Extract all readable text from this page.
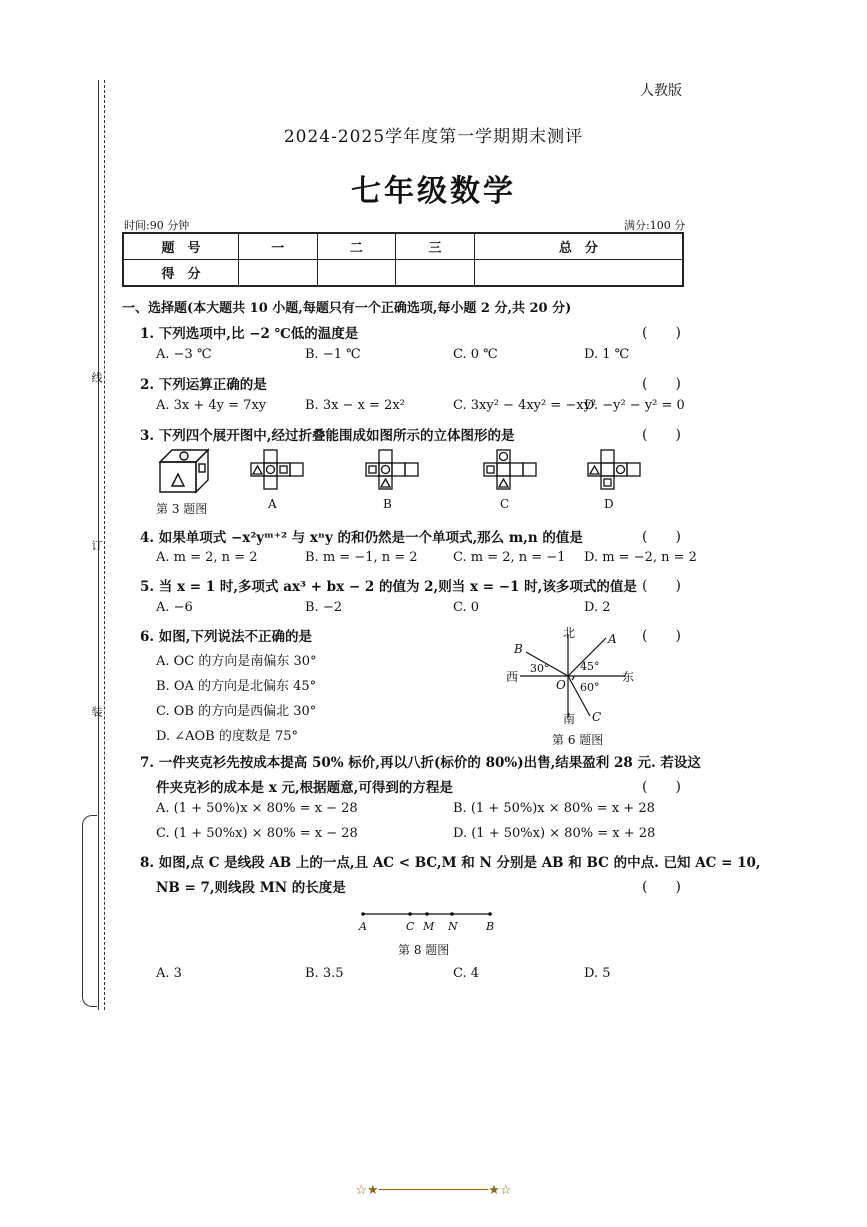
线
订
装
人教版
2024-2025学年度第一学期期末测评
七年级数学
时间:90 分钟	满分:100 分
题　号	一	二	三	总　分
得　分				
一、选择题(本大题共 10 小题,每题只有一个正确选项,每小题 2 分,共 20 分)
1. 下列选项中,比 −2 ℃低的温度是	(　　)
A. −3 ℃	B. −1 ℃	C. 0 ℃	D. 1 ℃
2. 下列运算正确的是	(　　)
A. 3x + 4y = 7xy	B. 3x − x = 2x²	C. 3xy² − 4xy² = −xy²
D. −y² − y² = 0
3. 下列四个展开图中,经过折叠能围成如图所示的立体图形的是	(　　)
第 3 题图	A	B	C	D
4. 如果单项式 −x²yᵐ⁺² 与 xⁿy 的和仍然是一个单项式,那么 m,n 的值是	(　　)
A. m = 2, n = 2	B. m = −1, n = 2	C. m = 2, n = −1 D. m = −2, n = 2
5. 当 x = 1 时,多项式 ax³ + bx − 2 的值为 2,则当 x = −1 时,该多项式的值是 (　　)
A. −6	B. −2	C. 0	D. 2
6. 如图,下列说法不正确的是	(　　)
A. OC 的方向是南偏东 30°
B. OA 的方向是北偏东 45°
C. OB 的方向是西偏北 30°
D. ∠AOB 的度数是 75°
北
南
东
西
A
B
C
O
30°	45°
60°
第 6 题图
7. 一件夹克衫先按成本提高 50% 标价,再以八折(标价的 80%)出售,结果盈利 28 元. 若设这
件夹克衫的成本是 x 元,根据题意,可得到的方程是	(　　)
A. (1 + 50%)x × 80% = x − 28	B. (1 + 50%)x × 80% = x + 28
C. (1 + 50%x) × 80% = x − 28	D. (1 + 50%x) × 80% = x + 28
8. 如图,点 C 是线段 AB 上的一点,且 AC < BC,M 和 N 分别是 AB 和 BC 的中点. 已知 AC = 10,
NB = 7,则线段 MN 的长度是	(　　)
A	C M N	B
第 8 题图
A. 3	B. 3.5	C. 4	D. 5
☆★──────────────★☆
